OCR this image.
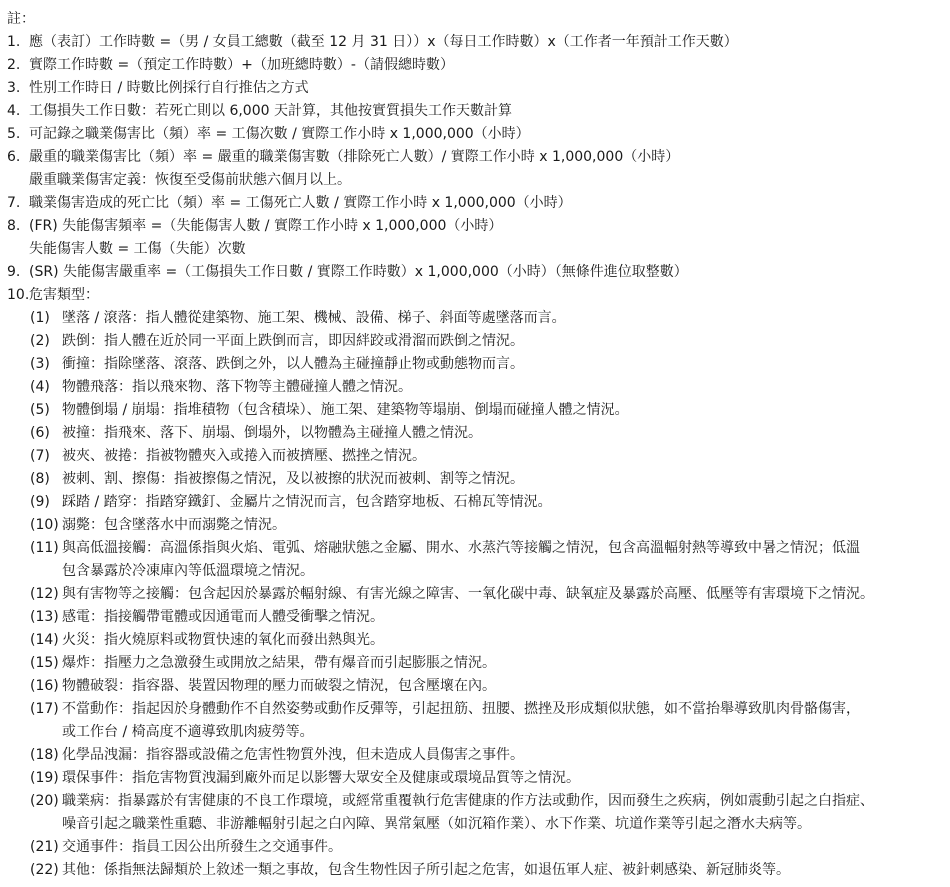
註：
1. 應（表訂）工作時數 =（男 / 女員工總數（截至 12 月 31 日））x（每日工作時數）x（工作者一年預計工作天數）
2. 實際工作時數 =（預定工作時數）+（加班總時數）-（請假總時數）
3. 性別工作時日 / 時數比例採行自行推估之方式
4. 工傷損失工作日數：若死亡則以 6,000 天計算，其他按實質損失工作天數計算
5. 可記錄之職業傷害比（頻）率 = 工傷次數 / 實際工作小時 x 1,000,000（小時）
6. 嚴重的職業傷害比（頻）率 = 嚴重的職業傷害數（排除死亡人數）/ 實際工作小時 x 1,000,000（小時）
嚴重職業傷害定義：恢復至受傷前狀態六個月以上。
7. 職業傷害造成的死亡比（頻）率 = 工傷死亡人數 / 實際工作小時 x 1,000,000（小時）
8. (FR) 失能傷害頻率 =（失能傷害人數 / 實際工作小時 x 1,000,000（小時）
失能傷害人數 = 工傷（失能）次數
9. (SR) 失能傷害嚴重率 =（工傷損失工作日數 / 實際工作時數）x 1,000,000（小時）（無條件進位取整數）
10. 危害類型：
(1) 墜落 / 滾落：指人體從建築物、施工架、機械、設備、梯子、斜面等處墜落而言。
(2) 跌倒：指人體在近於同一平面上跌倒而言，即因絆跤或滑溜而跌倒之情況。
(3) 衝撞：指除墜落、滾落、跌倒之外，以人體為主碰撞靜止物或動態物而言。
(4) 物體飛落：指以飛來物、落下物等主體碰撞人體之情況。
(5) 物體倒塌 / 崩塌：指堆積物（包含積垛）、施工架、建築物等塌崩、倒塌而碰撞人體之情況。
(6) 被撞：指飛來、落下、崩塌、倒塌外，以物體為主碰撞人體之情況。
(7) 被夾、被捲：指被物體夾入或捲入而被擠壓、撚挫之情況。
(8) 被刺、割、擦傷：指被擦傷之情況，及以被擦的狀況而被刺、割等之情況。
(9) 踩踏 / 踏穿：指踏穿鐵釘、金屬片之情況而言，包含踏穿地板、石棉瓦等情況。
(10) 溺斃：包含墜落水中而溺斃之情況。
(11) 與高低溫接觸：高溫係指與火焰、電弧、熔融狀態之金屬、開水、水蒸汽等接觸之情況，包含高溫輻射熱等導致中暑之情況；低溫
包含暴露於冷凍庫內等低溫環境之情況。
(12) 與有害物等之接觸：包含起因於暴露於輻射線、有害光線之障害、一氧化碳中毒、缺氧症及暴露於高壓、低壓等有害環境下之情況。
(13) 感電：指接觸帶電體或因通電而人體受衝擊之情況。
(14) 火災：指火燒原料或物質快速的氧化而發出熱與光。
(15) 爆炸：指壓力之急激發生或開放之結果，帶有爆音而引起膨脹之情況。
(16) 物體破裂：指容器、裝置因物理的壓力而破裂之情況，包含壓壞在內。
(17) 不當動作：指起因於身體動作不自然姿勢或動作反彈等，引起扭筋、扭腰、撚挫及形成類似狀態，如不當抬舉導致肌肉骨骼傷害，
或工作台 / 椅高度不適導致肌肉疲勞等。
(18) 化學品洩漏：指容器或設備之危害性物質外洩，但未造成人員傷害之事件。
(19) 環保事件：指危害物質洩漏到廠外而足以影響大眾安全及健康或環境品質等之情況。
(20) 職業病：指暴露於有害健康的不良工作環境，或經常重覆執行危害健康的作方法或動作，因而發生之疾病，例如震動引起之白指症、
噪音引起之職業性重聽、非游離輻射引起之白內障、異常氣壓（如沉箱作業）、水下作業、坑道作業等引起之潛水夫病等。
(21) 交通事件：指員工因公出所發生之交通事件。
(22) 其他：係指無法歸類於上敘述一類之事故，包含生物性因子所引起之危害，如退伍軍人症、被針刺感染、新冠肺炎等。
